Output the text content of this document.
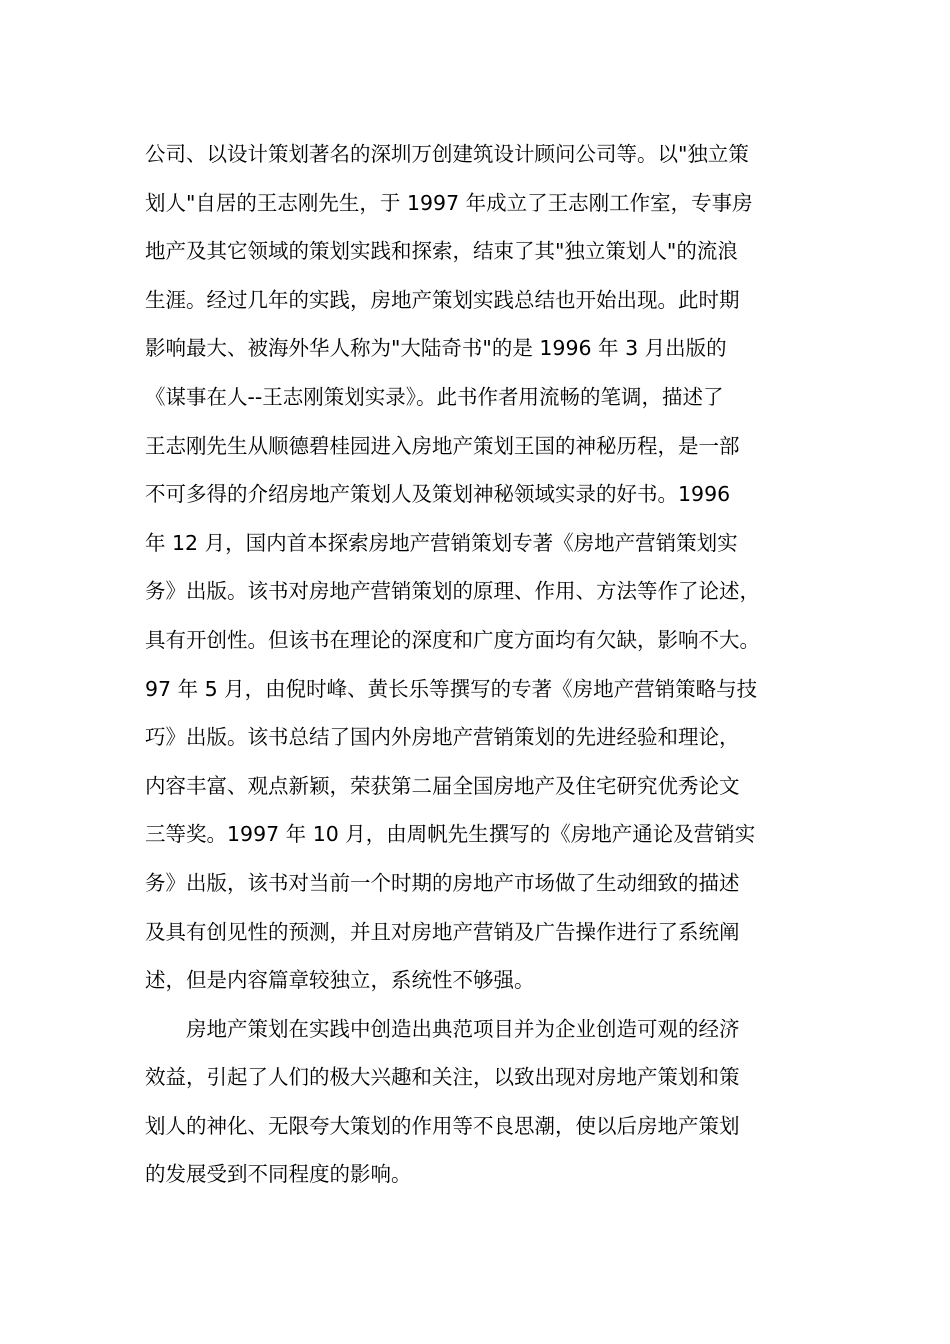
公司、以设计策划著名的深圳万创建筑设计顾问公司等。以"独立策
划人"自居的王志刚先生，于 1997 年成立了王志刚工作室，专事房
地产及其它领域的策划实践和探索，结束了其"独立策划人"的流浪
生涯。经过几年的实践，房地产策划实践总结也开始出现。此时期
影响最大、被海外华人称为"大陆奇书"的是 1996 年 3 月出版的
《谋事在人--王志刚策划实录》。此书作者用流畅的笔调，描述了
王志刚先生从顺德碧桂园进入房地产策划王国的神秘历程，是一部
不可多得的介绍房地产策划人及策划神秘领域实录的好书。1996
年 12 月，国内首本探索房地产营销策划专著《房地产营销策划实
务》出版。该书对房地产营销策划的原理、作用、方法等作了论述，
具有开创性。但该书在理论的深度和广度方面均有欠缺，影响不大。
97 年 5 月，由倪时峰、黄长乐等撰写的专著《房地产营销策略与技
巧》出版。该书总结了国内外房地产营销策划的先进经验和理论，
内容丰富、观点新颖，荣获第二届全国房地产及住宅研究优秀论文
三等奖。1997 年 10 月，由周帆先生撰写的《房地产通论及营销实
务》出版，该书对当前一个时期的房地产市场做了生动细致的描述
及具有创见性的预测，并且对房地产营销及广告操作进行了系统阐
述，但是内容篇章较独立，系统性不够强。
房地产策划在实践中创造出典范项目并为企业创造可观的经济
效益，引起了人们的极大兴趣和关注，以致出现对房地产策划和策
划人的神化、无限夸大策划的作用等不良思潮，使以后房地产策划
的发展受到不同程度的影响。
